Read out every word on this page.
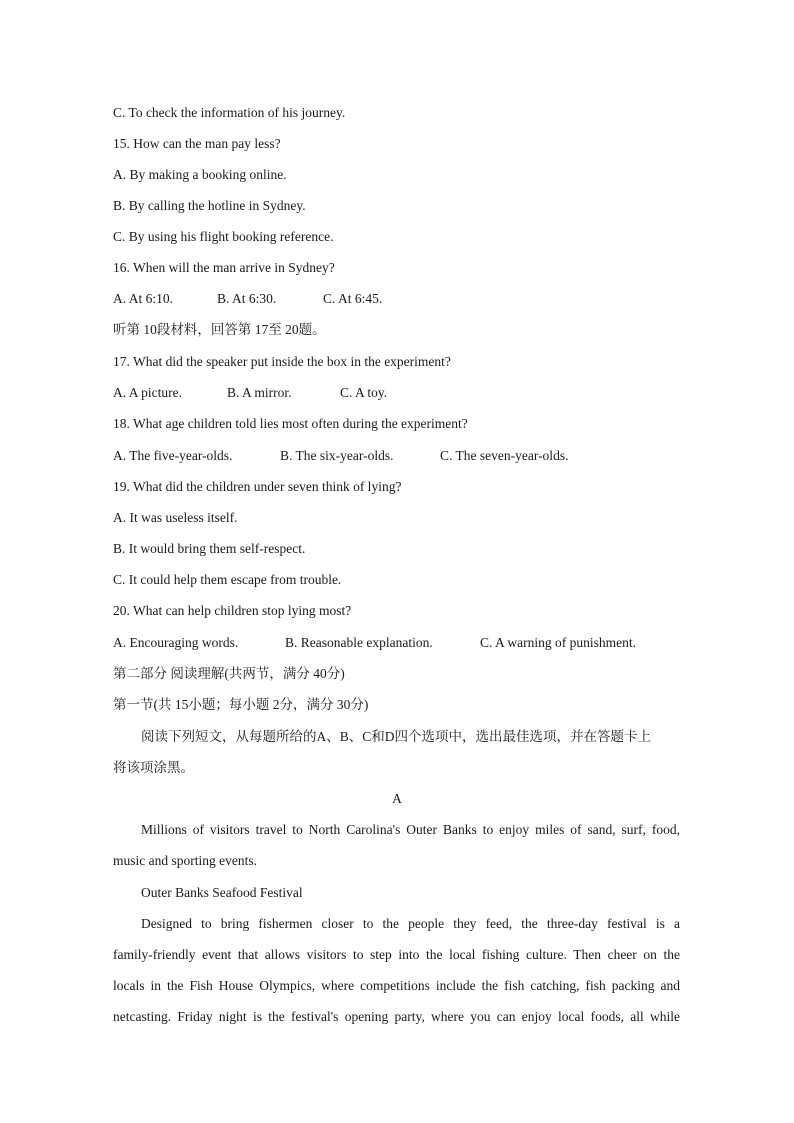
C. To check the information of his journey.
15. How can the man pay less?
A. By making a booking online.
B. By calling the hotline in Sydney.
C. By using his flight booking reference.
16. When will the man arrive in Sydney?
A. At 6:10.	B. At 6:30.	C. At 6:45.
听第 10段材料，回答第 17至 20题。
17. What did the speaker put inside the box in the experiment?
A. A picture.	B. A mirror.	C. A toy.
18. What age children told lies most often during the experiment?
A. The five-year-olds.	B. The six-year-olds.	C. The seven-year-olds.
19. What did the children under seven think of lying?
A. It was useless itself.
B. It would bring them self-respect.
C. It could help them escape from trouble.
20. What can help children stop lying most?
A. Encouraging words.	B. Reasonable explanation.	C. A warning of punishment.
第二部分 阅读理解(共两节，满分 40分)
第一节(共 15小题；每小题 2分，满分 30分)
阅读下列短文，从每题所给的A、B、C和D四个选项中，选出最佳选项，并在答题卡上
将该项涂黑。
A
Millions of visitors travel to North Carolina's Outer Banks to enjoy miles of sand, surf, food,
music and sporting events.
Outer Banks Seafood Festival
Designed to bring fishermen closer to the people they feed, the three-day festival is a
family-friendly event that allows visitors to step into the local fishing culture. Then cheer on the
locals in the Fish House Olympics, where competitions include the fish catching, fish packing and
netcasting. Friday night is the festival's opening party, where you can enjoy local foods, all while
